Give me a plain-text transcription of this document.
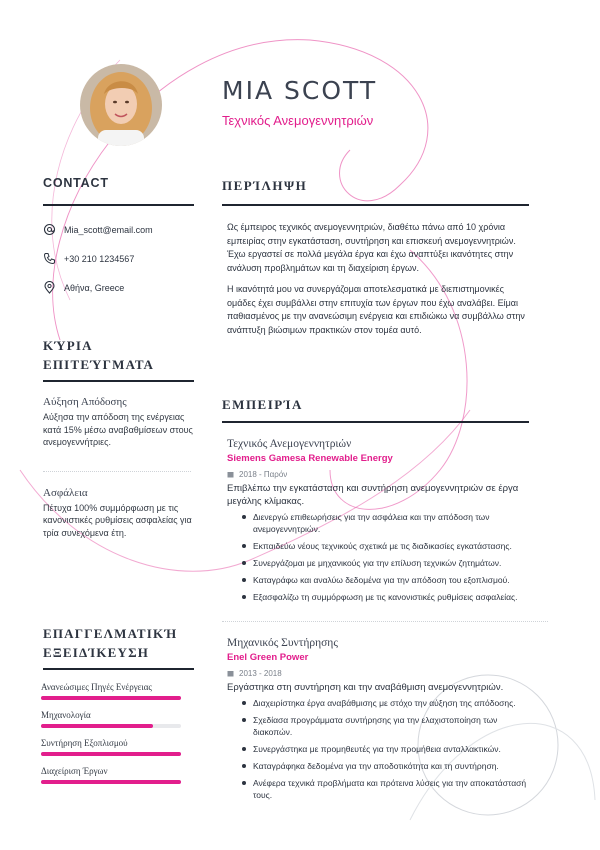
MIA SCOTT
Τεχνικός Ανεμογεννητριών
CONTACT
Mia_scott@email.com
+30 210 1234567
Αθήνα, Greece
ΚΎΡΙΑ
ΕΠΙΤΕΎΓΜΑΤΑ
Αύξηση Απόδοσης
Αύξησα την απόδοση της ενέργειας κατά 15% μέσω αναβαθμίσεων στους ανεμογεννήτριες.
Ασφάλεια
Πέτυχα 100% συμμόρφωση με τις κανονιστικές ρυθμίσεις ασφαλείας για τρία συνεχόμενα έτη.
ΕΠΑΓΓΕΛΜΑΤΙΚΉ
ΕΞΕΙΔΊΚΕΥΣΗ
Ανανεώσιμες Πηγές Ενέργειας
Μηχανολογία
Συντήρηση Εξοπλισμού
Διαχείριση Έργων
ΠΕΡΊΛΗΨΗ

Ως έμπειρος τεχνικός ανεμογεννητριών, διαθέτω πάνω από 10 χρόνια εμπειρίας στην εγκατάσταση, συντήρηση και επισκευή ανεμογεννητριών. Έχω εργαστεί σε πολλά μεγάλα έργα και έχω αναπτύξει ικανότητες στην ανάλυση προβλημάτων και τη διαχείριση έργων.

Η ικανότητά μου να συνεργάζομαι αποτελεσματικά με διεπιστημονικές ομάδες έχει συμβάλλει στην επιτυχία των έργων που έχω αναλάβει. Είμαι παθιασμένος με την ανανεώσιμη ενέργεια και επιδιώκω να συμβάλλω στην ανάπτυξη βιώσιμων πρακτικών στον τομέα αυτό.

ΕΜΠΕΙΡΊΑ
Τεχνικός Ανεμογεννητριών
Siemens Gamesa Renewable Energy
2018 - Παρόν
Επιβλέπω την εγκατάσταση και συντήρηση ανεμογεννητριών σε έργα μεγάλης κλίμακας.
Διενεργώ επιθεωρήσεις για την ασφάλεια και την απόδοση των ανεμογεννητριών.
Εκπαιδεύω νέους τεχνικούς σχετικά με τις διαδικασίες εγκατάστασης.
Συνεργάζομαι με μηχανικούς για την επίλυση τεχνικών ζητημάτων.
Καταγράφω και αναλύω δεδομένα για την απόδοση του εξοπλισμού.
Εξασφαλίζω τη συμμόρφωση με τις κανονιστικές ρυθμίσεις ασφαλείας.
Μηχανικός Συντήρησης
Enel Green Power
2013 - 2018
Εργάστηκα στη συντήρηση και την αναβάθμιση ανεμογεννητριών.
Διαχειρίστηκα έργα αναβάθμισης με στόχο την αύξηση της απόδοσης.
Σχεδίασα προγράμματα συντήρησης για την ελαχιστοποίηση των διακοπών.
Συνεργάστηκα με προμηθευτές για την προμήθεια ανταλλακτικών.
Καταγράφηκα δεδομένα για την αποδοτικότητα και τη συντήρηση.
Ανέφερα τεχνικά προβλήματα και πρότεινα λύσεις για την αποκατάστασή τους.
